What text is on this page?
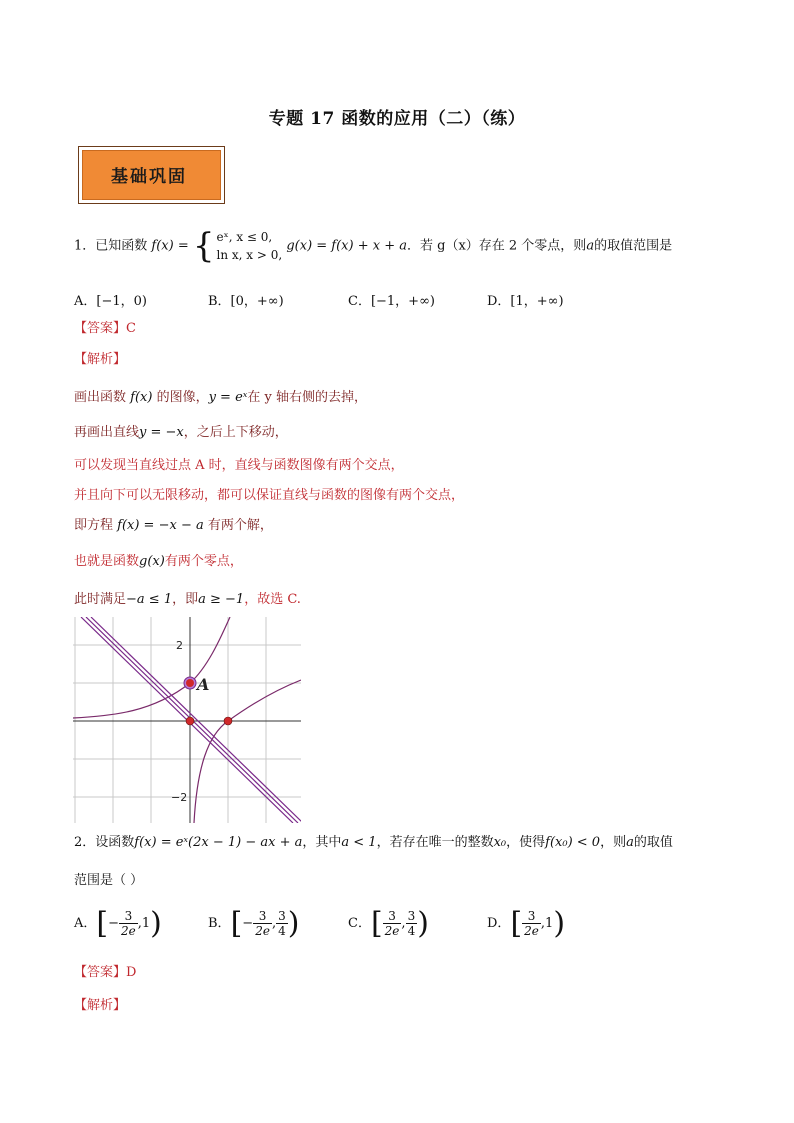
专题 17 函数的应用（二）（练）
基础巩固
1．已知函数 f(x) = { eˣ, x ≤ 0,
ln x, x > 0,
g(x) = f(x) + x + a．若 g（x）存在 2 个零点，则a的取值范围是
A．[−1，0)	B．[0，+∞)	C．[−1，+∞)	D．[1，+∞)
【答案】C
【解析】
画出函数 f(x) 的图像，y = eˣ在 y 轴右侧的去掉，
再画出直线y = −x，之后上下移动，
可以发现当直线过点 A 时，直线与函数图像有两个交点，
并且向下可以无限移动，都可以保证直线与函数的图像有两个交点，
即方程 f(x) = −x − a 有两个解，
也就是函数g(x)有两个零点，
此时满足−a ≤ 1，即a ≥ −1，故选 C.
2
−2
A
2．设函数f(x) = eˣ(2x − 1) − ax + a，其中a < 1，若存在唯一的整数x₀，使得f(x₀) < 0，则a的取值
范围是（ ）
A．[− $\frac{3}{2e} ,1$)	B．[− $\frac{3}{2e}$ , $\frac{3}{4}$ )	C．[ $\frac{3}{2e}$ , $\frac{3}{4}$ )	D．[ $\frac{3}{2e} ,1$)
【答案】D
【解析】
